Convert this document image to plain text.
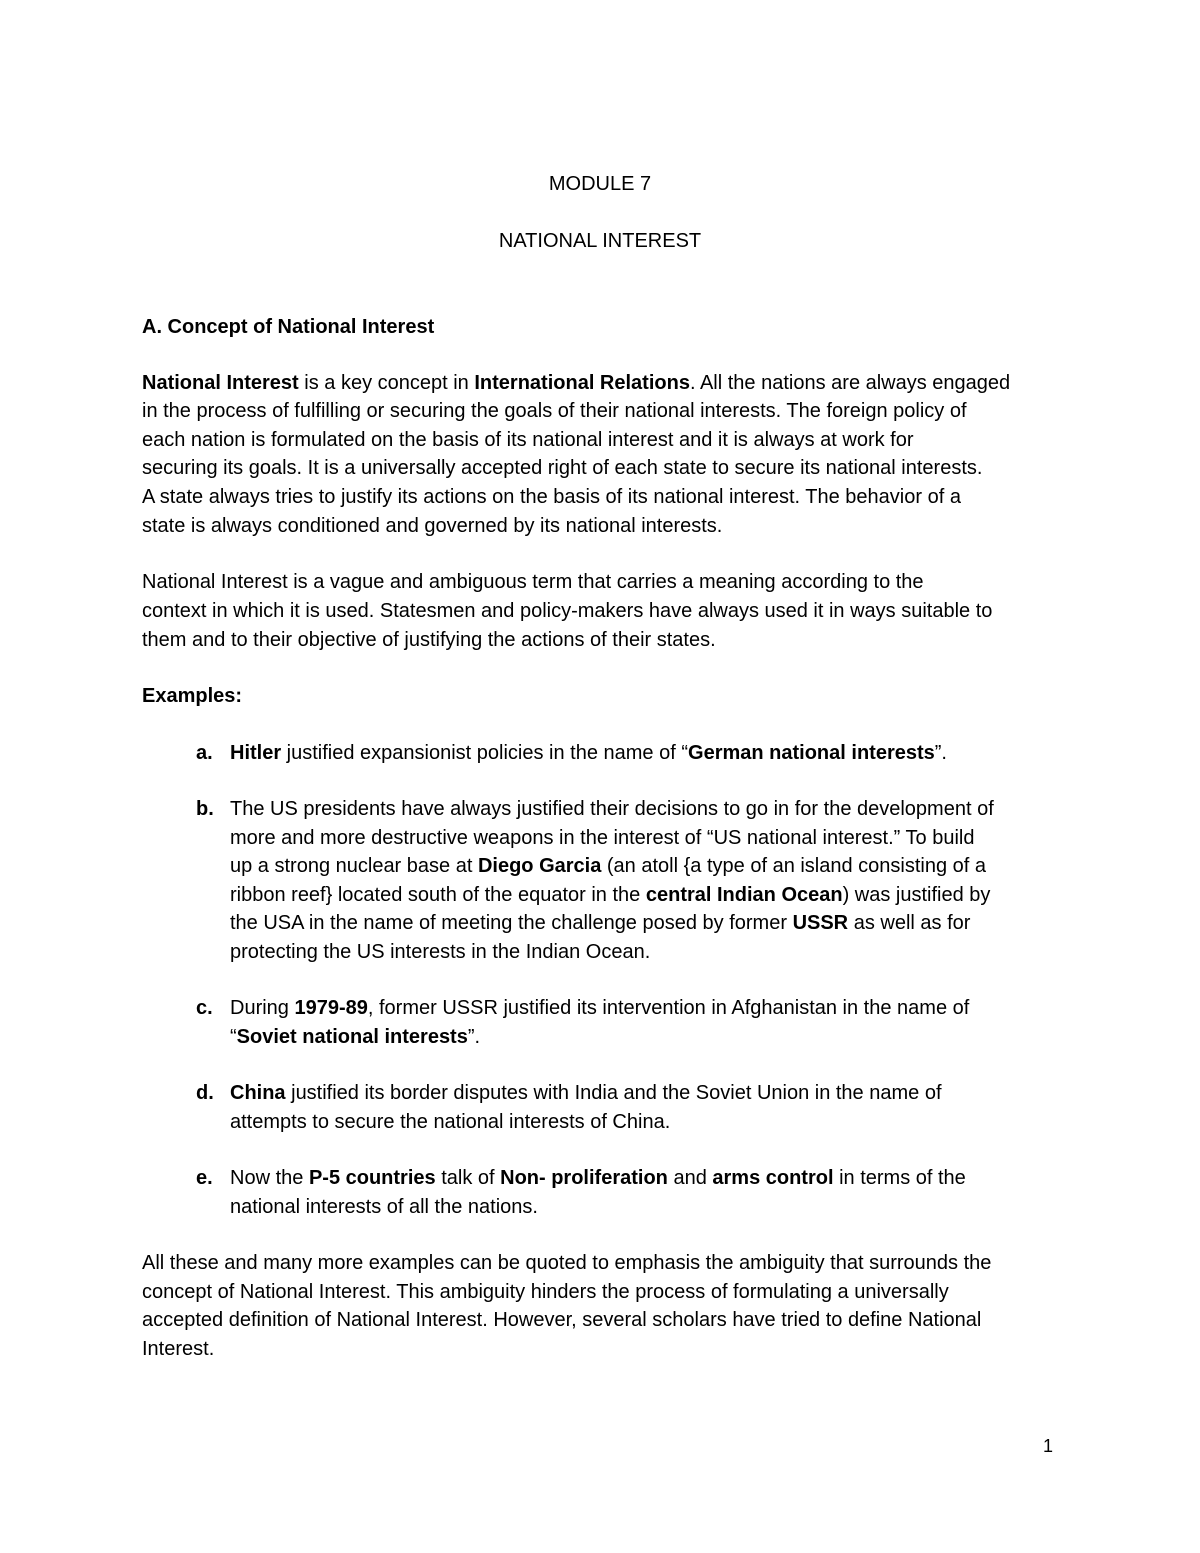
MODULE 7
NATIONAL INTEREST
A. Concept of National Interest
National Interest is a key concept in International Relations. All the nations are always engaged
in the process of fulfilling or securing the goals of their national interests. The foreign policy of
each nation is formulated on the basis of its national interest and it is always at work for
securing its goals. It is a universally accepted right of each state to secure its national interests.
A state always tries to justify its actions on the basis of its national interest. The behavior of a
state is always conditioned and governed by its national interests.
National Interest is a vague and ambiguous term that carries a meaning according to the
context in which it is used. Statesmen and policy-makers have always used it in ways suitable to
them and to their objective of justifying the actions of their states.
Examples:
a. Hitler justified expansionist policies in the name of “German national interests”.
b. The US presidents have always justified their decisions to go in for the development of
more and more destructive weapons in the interest of “US national interest.” To build
up a strong nuclear base at Diego Garcia (an atoll {a type of an island consisting of a
ribbon reef} located south of the equator in the central Indian Ocean) was justified by
the USA in the name of meeting the challenge posed by former USSR as well as for
protecting the US interests in the Indian Ocean.
c. During 1979-89, former USSR justified its intervention in Afghanistan in the name of
“Soviet national interests”.
d. China justified its border disputes with India and the Soviet Union in the name of
attempts to secure the national interests of China.
e. Now the P-5 countries talk of Non- proliferation and arms control in terms of the
national interests of all the nations.
All these and many more examples can be quoted to emphasis the ambiguity that surrounds the
concept of National Interest. This ambiguity hinders the process of formulating a universally
accepted definition of National Interest. However, several scholars have tried to define National
Interest.
1
